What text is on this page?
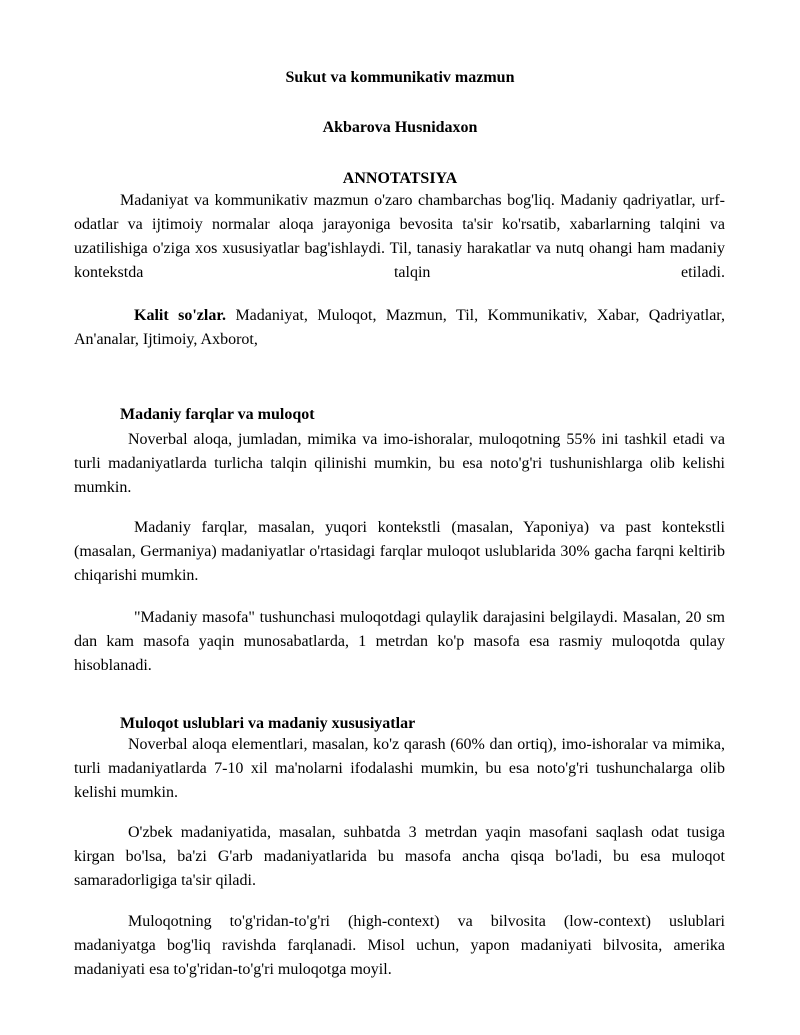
Sukut va kommunikativ mazmun
Akbarova Husnidaxon
ANNOTATSIYA
Madaniyat va kommunikativ mazmun o'zaro chambarchas bog'liq. Madaniy qadriyatlar, urf-odatlar va ijtimoiy normalar aloqa jarayoniga bevosita ta'sir ko'rsatib, xabarlarning talqini va uzatilishiga o'ziga xos xususiyatlar bag'ishlaydi. Til, tanasiy harakatlar va nutq ohangi ham madaniy kontekstda talqin etiladi.
Kalit so'zlar. Madaniyat, Muloqot, Mazmun, Til, Kommunikativ, Xabar, Qadriyatlar, An'analar, Ijtimoiy, Axborot,
Madaniy farqlar va muloqot
Noverbal aloqa, jumladan, mimika va imo-ishoralar, muloqotning 55% ini tashkil etadi va turli madaniyatlarda turlicha talqin qilinishi mumkin, bu esa noto'g'ri tushunishlarga olib kelishi mumkin.
Madaniy farqlar, masalan, yuqori kontekstli (masalan, Yaponiya) va past kontekstli (masalan, Germaniya) madaniyatlar o'rtasidagi farqlar muloqot uslublarida 30% gacha farqni keltirib chiqarishi mumkin.
"Madaniy masofa" tushunchasi muloqotdagi qulaylik darajasini belgilaydi. Masalan, 20 sm dan kam masofa yaqin munosabatlarda, 1 metrdan ko'p masofa esa rasmiy muloqotda qulay hisoblanadi.
Muloqot uslublari va madaniy xususiyatlar
Noverbal aloqa elementlari, masalan, ko'z qarash (60% dan ortiq), imo-ishoralar va mimika, turli madaniyatlarda 7-10 xil ma'nolarni ifodalashi mumkin, bu esa noto'g'ri tushunchalarga olib kelishi mumkin.
O'zbek madaniyatida, masalan, suhbatda 3 metrdan yaqin masofani saqlash odat tusiga kirgan bo'lsa, ba'zi G'arb madaniyatlarida bu masofa ancha qisqa bo'ladi, bu esa muloqot samaradorligiga ta'sir qiladi.
Muloqotning to'g'ridan-to'g'ri (high-context) va bilvosita (low-context) uslublari madaniyatga bog'liq ravishda farqlanadi. Misol uchun, yapon madaniyati bilvosita, amerika madaniyati esa to'g'ridan-to'g'ri muloqotga moyil.
